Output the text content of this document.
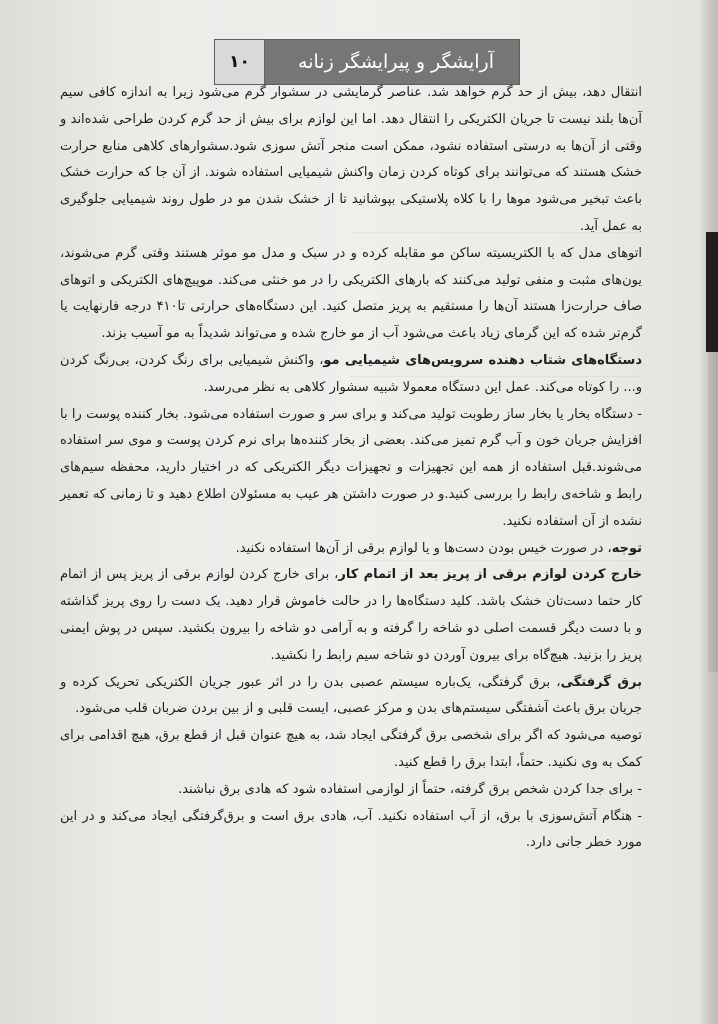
۱۰	آرایشگر و پیرایشگر زنانه

انتقال دهد، بیش از حد گرم خواهد شد. عناصر گرمایشی در سشوار گرم می‌شود زیرا به اندازه کافی سیم آن‌ها بلند نیست تا جریان الکتریکی را انتقال دهد. اما این لوازم برای بیش از حد گرم کردن طراحی شده‌اند و وقتی از آن‌ها به درستی استفاده نشود، ممکن است منجر آتش سوزی شود.سشوارهای کلاهی منابع حرارت خشک هستند که می‌توانند برای کوتاه کردن زمان واکنش شیمیایی استفاده شوند. از آن جا که حرارت خشک باعث تبخیر می‌شود موها را با کلاه پلاستیکی بپوشانید تا از خشک شدن مو در طول روند شیمیایی جلوگیری به عمل آید.

اتوهای مدل که با الکتریسیته ساکن مو مقابله کرده و در سبک و مدل مو موثر هستند وقتی گرم می‌شوند، یون‌های مثبت و منفی تولید می‌کنند که بارهای الکتریکی را در مو خنثی می‌کند. موپیچ‌های الکتریکی و اتوهای صاف حرارت‌زا هستند آن‌ها را مستقیم به پریز متصل کنید. این دستگاه‌های حرارتی تا۴۱۰ درجه فارنهایت یا گرم‌تر شده که این گرمای زیاد باعث می‌شود آب از مو خارج شده و می‌تواند شدیداً به مو آسیب بزند.

دستگاه‌های شتاب دهنده سرویس‌های شیمیایی مو، واکنش شیمیایی برای رنگ کردن، بی‌رنگ کردن و... را کوتاه می‌کند. عمل این دستگاه معمولا شبیه سشوار کلاهی به نظر می‌رسد.

- دستگاه بخار یا بخار ساز رطوبت تولید می‌کند و برای سر و صورت استفاده می‌شود. بخار کننده پوست را با افزایش جریان خون و آب گرم تمیز می‌کند. بعضی از بخار کننده‌ها برای نرم کردن پوست و موی سر استفاده می‌شوند.قبل استفاده از همه این تجهیزات و تجهیزات دیگر الکتریکی که در اختیار دارید، محفظه سیم‌های رابط و شاخه‌ی رابط را بررسی کنید.و در صورت داشتن هر عیب به مسئولان اطلاع دهید و تا زمانی که تعمیر نشده از آن استفاده نکنید.

توجه، در صورت خیس بودن دست‌ها و یا لوازم برقی از آن‌ها استفاده نکنید.

خارج کردن لوازم برقی از پریز بعد از اتمام کار، برای خارج کردن لوازم برقی از پریز پس از اتمام کار حتما دست‌تان خشک باشد. کلید دستگاه‌ها را در حالت خاموش قرار دهید. یک دست را روی پریز گذاشته و با دست دیگر قسمت اصلی دو شاخه را گرفته و به آرامی دو شاخه را بیرون بکشید. سپس در پوش ایمنی پریز را بزنید. هیچ‌گاه برای بیرون آوردن دو شاخه سیم رابط را نکشید.

برق گرفتگی، برق گرفتگی، یک‌باره سیستم عصبی بدن را در اثر عبور جریان الکتریکی تحریک کرده و جریان برق باعث آشفتگی سیستم‌های بدن و مرکز عصبی، ایست قلبی و از بین بردن ضربان قلب می‌شود.

توصیه می‌شود که اگر برای شخصی برق گرفتگی ایجاد شد، به هیچ عنوان قبل از قطع برق، هیچ اقدامی برای کمک به وی نکنید. حتماً، ابتدا برق را قطع کنید.

- برای جدا کردن شخص برق گرفته، حتماً از لوازمی استفاده شود که هادی برق نباشند.

- هنگام آتش‌سوزی با برق، از آب استفاده نکنید. آب، هادی برق است و برق‌گرفتگی ایجاد می‌کند و در این مورد خطر جانی دارد.
